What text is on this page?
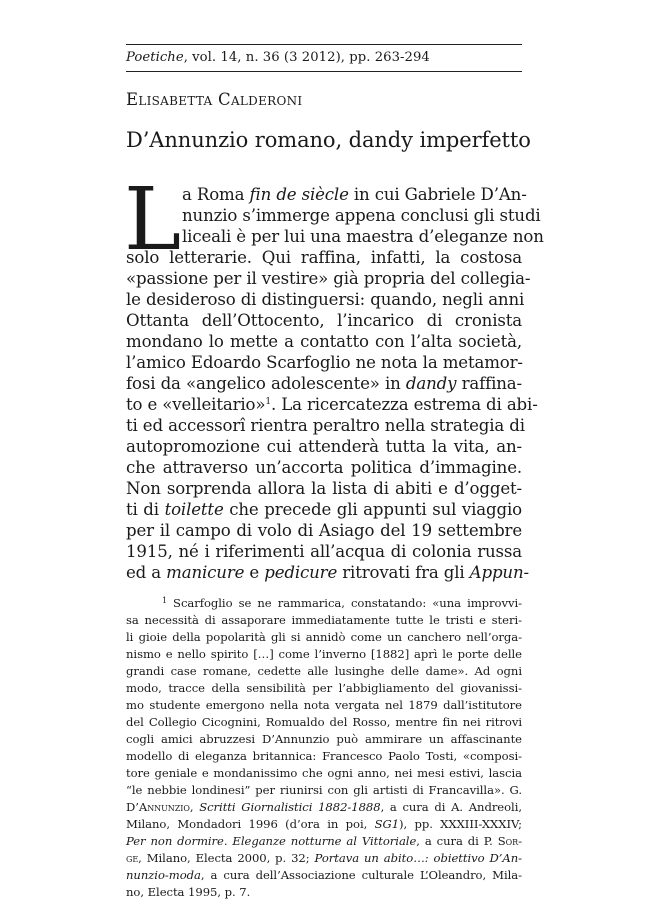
Poetiche, vol. 14, n. 36 (3 2012), pp. 263-294
Elisabetta Calderoni
D’Annunzio romano, dandy imperfetto
L a Roma fin de siècle in cui Gabriele D’An-
nunzio s’immerge appena conclusi gli studi
liceali è per lui una maestra d’eleganze non
solo letterarie. Qui raffina, infatti, la costosa
«passione per il vestire» già propria del collegia-
le desideroso di distinguersi: quando, negli anni
Ottanta dell’Ottocento, l’incarico di cronista
mondano lo mette a contatto con l’alta società,
l’amico Edoardo Scarfoglio ne nota la metamor-
fosi da «angelico adolescente» in dandy raffina-
to e «velleitario»$^1$. La ricercatezza estrema di abi-
ti ed accessorî rientra peraltro nella strategia di
autopromozione cui attenderà tutta la vita, an-
che attraverso un’accorta politica d’immagine.
Non sorprenda allora la lista di abiti e d’ogget-
ti di toilette che precede gli appunti sul viaggio
per il campo di volo di Asiago del 19 settembre
1915, né i riferimenti all’acqua di colonia russa
ed a manicure e pedicure ritrovati fra gli Appun-
1 Scarfoglio se ne rammarica, constatando: «una improvvi-
sa necessità di assaporare immediatamente tutte le tristi e steri-
li gioie della popolarità gli si annidò come un canchero nell’orga-
nismo e nello spirito […] come l’inverno [1882] aprì le porte delle
grandi case romane, cedette alle lusinghe delle dame». Ad ogni
modo, tracce della sensibilità per l’abbigliamento del giovanissi-
mo studente emergono nella nota vergata nel 1879 dall’istitutore
del Collegio Cicognini, Romualdo del Rosso, mentre fin nei ritrovi
cogli amici abruzzesi D’Annunzio può ammirare un affascinante
modello di eleganza britannica: Francesco Paolo Tosti, «composi-
tore geniale e mondanissimo che ogni anno, nei mesi estivi, lascia
“le nebbie londinesi” per riunirsi con gli artisti di Francavilla». G.
D’Annunzio, Scritti Giornalistici 1882-1888, a cura di A. Andreoli,
Milano, Mondadori 1996 (d’ora in poi, SG1), pp. XXXIII-XXXIV;
Per non dormire. Eleganze notturne al Vittoriale, a cura di P. Sor-
ge, Milano, Electa 2000, p. 32; Portava un abito…: obiettivo D’An-
nunzio-moda, a cura dell’Associazione culturale L’Oleandro, Mila-
no, Electa 1995, p. 7.
